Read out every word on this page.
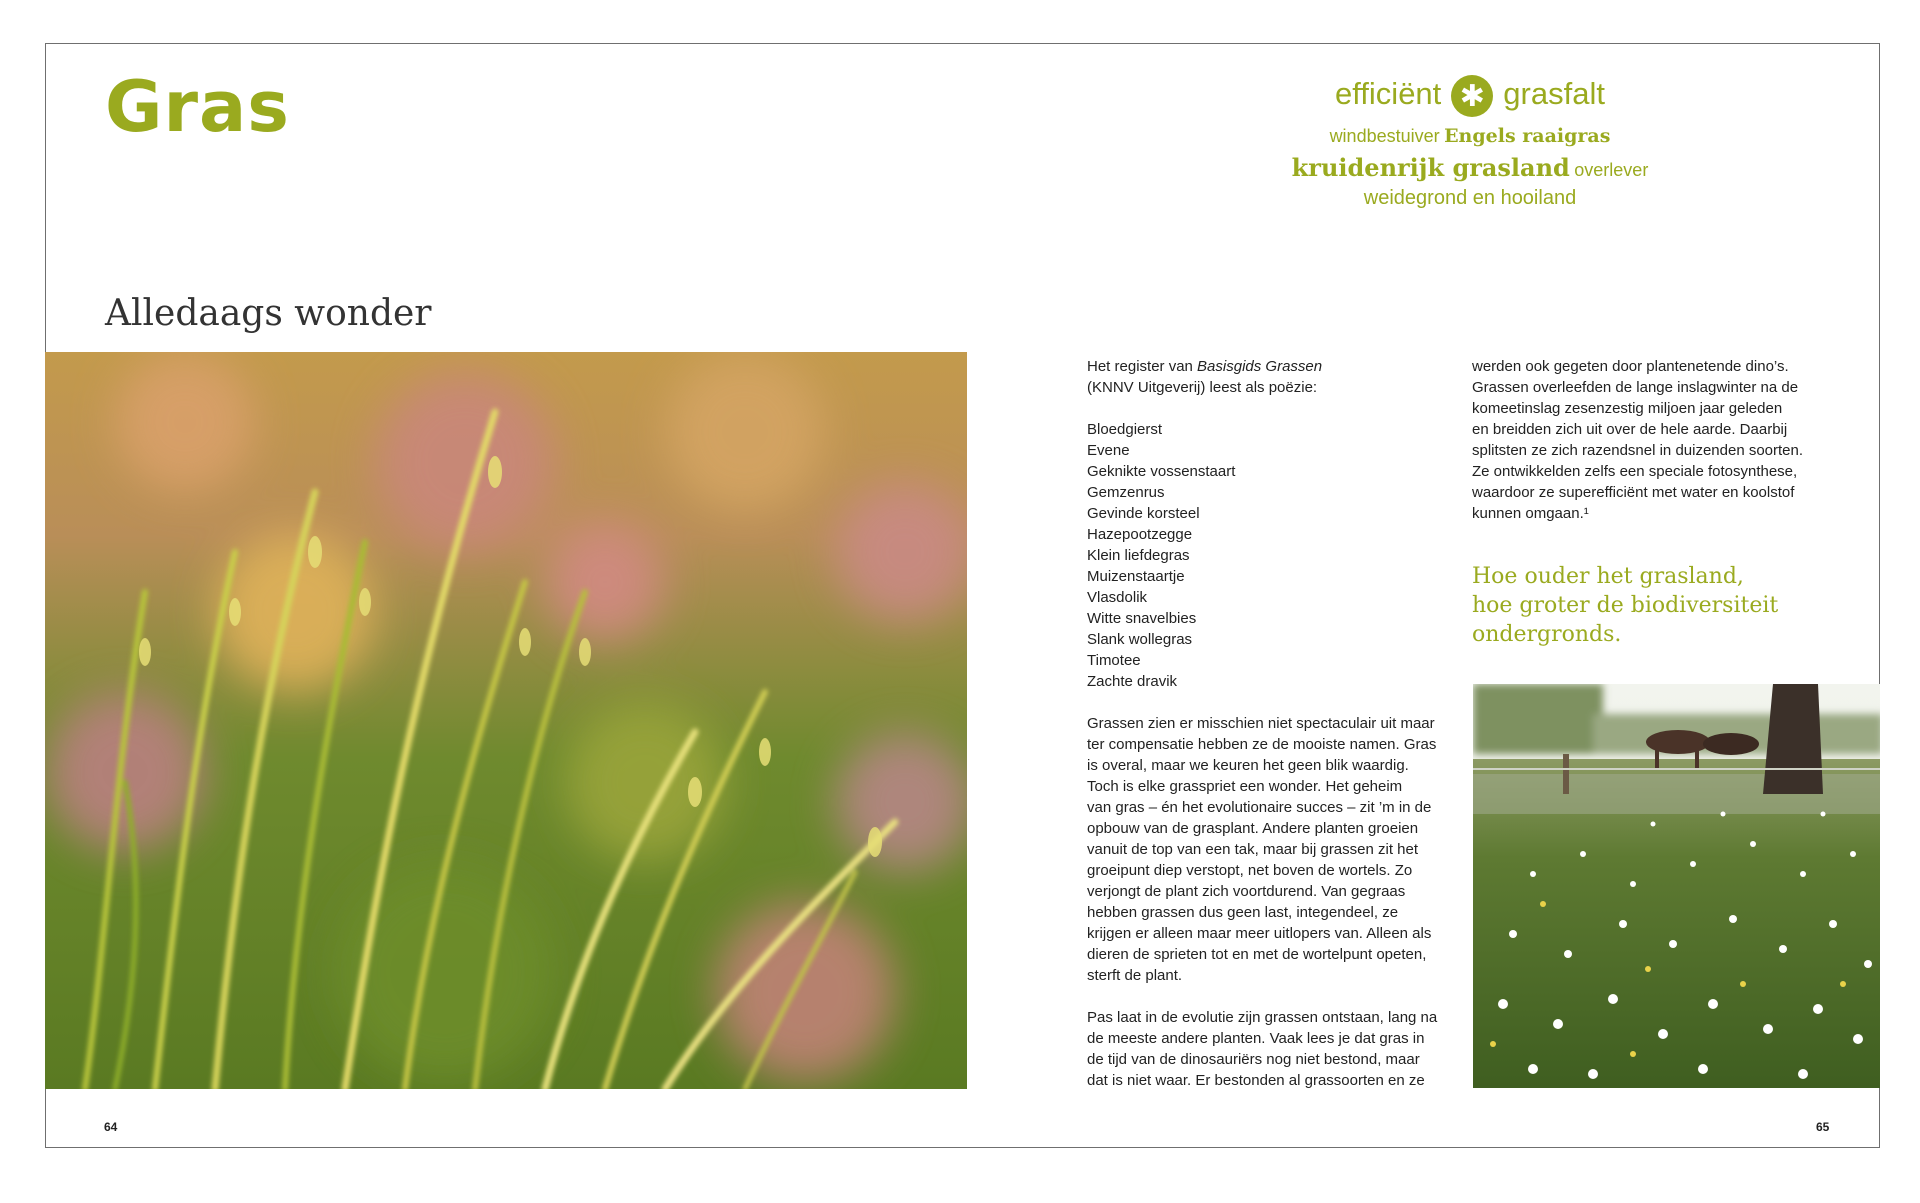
Gras	efficiënt ✱ grasfalt
windbestuiver Engels raaigras
kruidenrijk grasland overlever
weidegrond en hooiland
Alledaags wonder

Het register van Basisgids Grassen
(KNNV Uitgeverij) leest als poëzie:

Bloedgierst
Evene
Geknikte vossenstaart
Gemzenrus
Gevinde korsteel
Hazepootzegge
Klein liefdegras
Muizenstaartje
Vlasdolik
Witte snavelbies
Slank wollegras
Timotee
Zachte dravik

Grassen zien er misschien niet spectaculair uit maar
ter compensatie hebben ze de mooiste namen. Gras
is overal, maar we keuren het geen blik waardig.
Toch is elke grasspriet een wonder. Het geheim
van gras – én het evolutionaire succes – zit ’m in de
opbouw van de grasplant. Andere planten groeien
vanuit de top van een tak, maar bij grassen zit het
groeipunt diep verstopt, net boven de wortels. Zo
verjongt de plant zich voortdurend. Van gegraas
hebben grassen dus geen last, integendeel, ze
krijgen er alleen maar meer uitlopers van. Alleen als
dieren de sprieten tot en met de wortelpunt opeten,
sterft de plant.

Pas laat in de evolutie zijn grassen ontstaan, lang na
de meeste andere planten. Vaak lees je dat gras in
de tijd van de dinosauriërs nog niet bestond, maar
dat is niet waar. Er bestonden al grassoorten en ze

werden ook gegeten door plantenetende dino’s.
Grassen overleefden de lange inslagwinter na de
komeetinslag zesenzestig miljoen jaar geleden
en breidden zich uit over de hele aarde. Daarbij
splitsten ze zich razendsnel in duizenden soorten.
Ze ontwikkelden zelfs een speciale fotosynthese,
waardoor ze superefficiënt met water en koolstof
kunnen omgaan.¹

Hoe ouder het grasland,
hoe groter de biodiversiteit
ondergronds.
64	65
